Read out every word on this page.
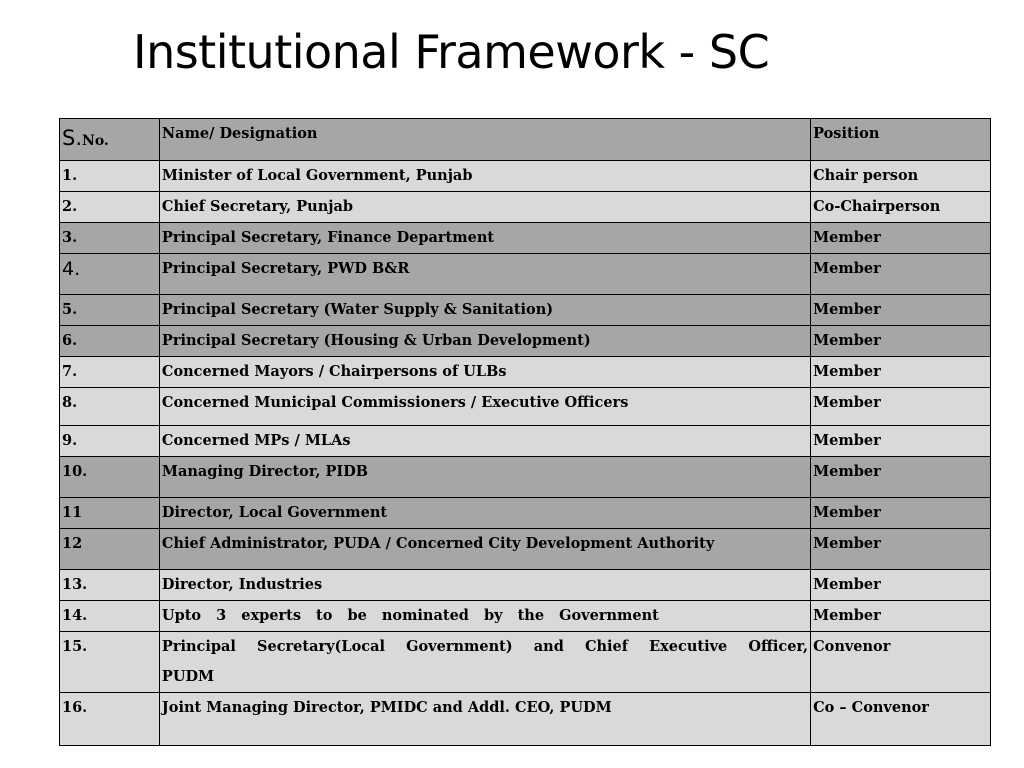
Institutional Framework - SC
S.No.	Name/ Designation	Position
1.	Minister of Local Government, Punjab	Chair person
2.	Chief Secretary, Punjab	Co-Chairperson
3.	Principal Secretary, Finance Department	Member
4.	Principal Secretary, PWD B&R	Member
5.	Principal Secretary (Water Supply & Sanitation)	Member
6.	Principal Secretary (Housing & Urban Development)	Member
7.	Concerned Mayors / Chairpersons of ULBs	Member
8.	Concerned Municipal Commissioners / Executive Officers	Member
9.	Concerned MPs / MLAs	Member
10.	Managing Director, PIDB	Member
11	Director, Local Government	Member
12	Chief Administrator, PUDA / Concerned City Development Authority	Member
13.	Director, Industries	Member
14.	Upto 3 experts to be nominated by the Government	Member
15.	Principal Secretary(Local Government) and Chief Executive Officer, PUDM	Convenor
16.	Joint Managing Director, PMIDC and Addl. CEO, PUDM	Co – Convenor
